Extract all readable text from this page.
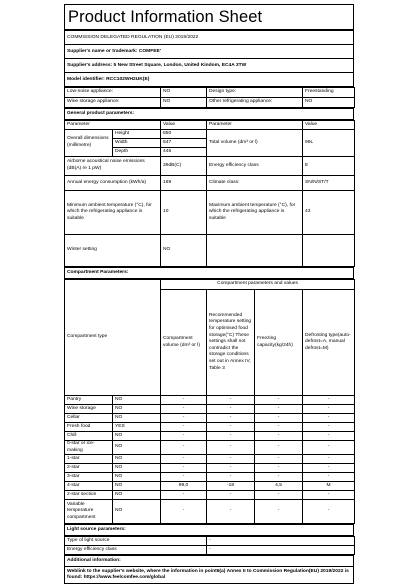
Product Information Sheet
COMMISSION DELEGATED REGULATION (EU) 2019/2022
Supplier's name or trademark: COMFEE'
Supplier's address: 5 New Street Square, London, United Kindom, EC4A 3TW
Model identifier: RCC102WH2UK(E)
Low-noise appliance:	NO	Design type:	Freestanding
Wine storage appliance:	NO	Other refrigerating appliance:	NO
General product parameters:
Parameter		Value	Parameter	Value
Overall dimensions (millimetre)	Height	850	Total volume (dm³ or l)	99L
	Width	547		
	Depth	446		
Airborne acoustical noise emissions (dB(A) re 1 pW)		39dB(C)	Energy efficiency class	E
Annual energy consumption (kWh/a)		169	Climate class:	SN/N/ST/T
Minimum ambient temperature (°C), for which the refrigerating appliance is suitable		10	Maximum ambient temperature (°C), for which the refrigerating appliance is suitable	43
Winter setting		NO		
Compartment Parameters:
Compartment type		Compartment parameters and values			
		Compartment volume (dm³ or l)	Recommended temperature setting for optimised food storage(°C) These settings shall not contradict the storage conditions set out in Annex IV, Table 3	Freezing capacity(kg/24h)	Defrosting type(auto-defrost=A, manual defrost=M)
Pantry	NO	-	-	-	-
Wine storage	NO	-	-	-	-
Cellar	NO	-	-	-	-
Fresh food	YES	-	-	-	-
Chill	NO	-	-	-	-
0-star or ice-making	NO	-	-	-	-
1-star	NO	-	-	-	-
2-star	NO	-	-	-	-
3-star	NO	-	-	-	-
4-star	NO	99,0	-18	4,5	M
2-star section	NO	-	-	-	-
Variable temperature compartment	NO	-	-	-	-
Light source parameters:
Type of light source	-
Energy efficiency class	-
Additional information:
Weblink to the supplier's website, where the information in point6(a) Annex II to Commission Regulation(EU) 2019/2022 is found: https://www.feelcomfee.com/global
